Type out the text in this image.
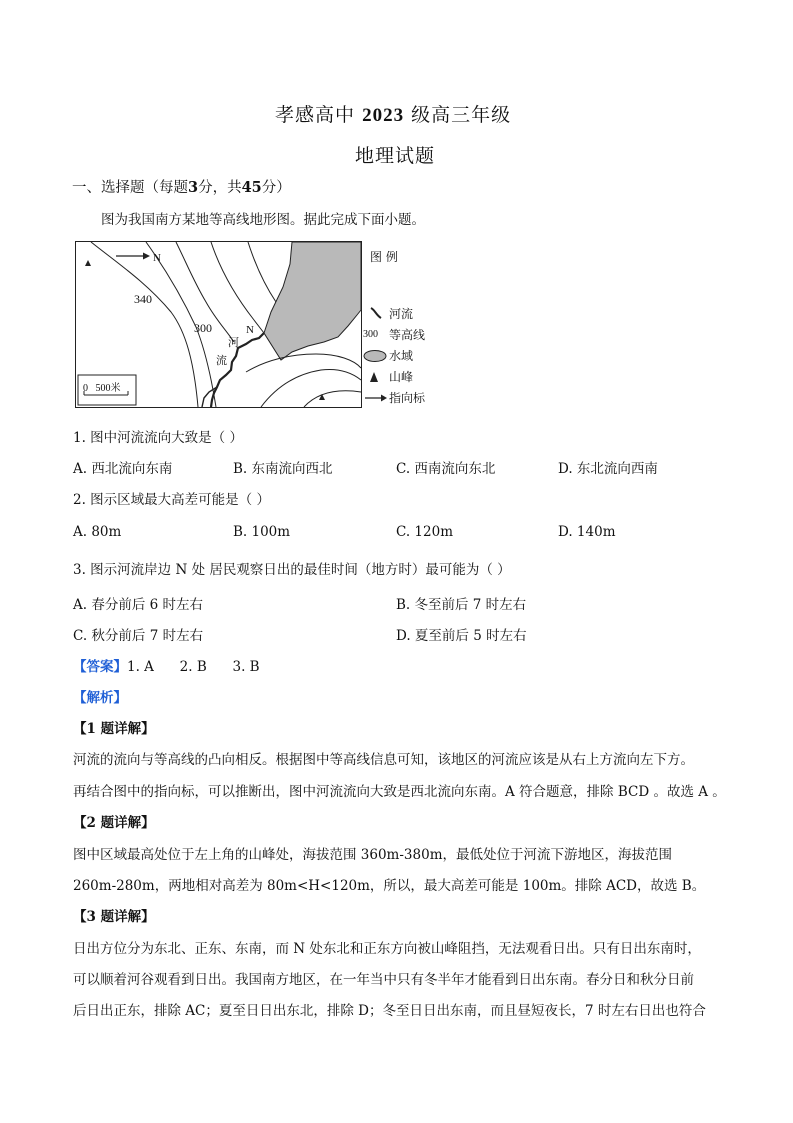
孝感高中 2023 级高三年级
地理试题
一、选择题（每题3分，共45分）
图为我国南方某地等高线地形图。据此完成下面小题。
N
340
300
河
流
N
0   500米
图 例
河流
300 等高线
水域
山峰
指向标
1. 图中河流流向大致是（ ）
A. 西北流向东南	B. 东南流向西北	C. 西南流向东北	D. 东北流向西南
2. 图示区域最大高差可能是（ ）
A. 80m	B. 100m	C. 120m	D. 140m
3. 图示河流岸边 N 处 居民观察日出的最佳时间（地方时）最可能为（ ）
A. 春分前后 6 时左右	B. 冬至前后 7 时左右
C. 秋分前后 7 时左右	D. 夏至前后 5 时左右
【答案】1. A      2. B      3. B
【解析】
【1 题详解】
河流的流向与等高线的凸向相反。根据图中等高线信息可知，该地区的河流应该是从右上方流向左下方。
再结合图中的指向标，可以推断出，图中河流流向大致是西北流向东南。A 符合题意，排除 BCD 。故选 A 。
【2 题详解】
图中区域最高处位于左上角的山峰处，海拔范围 360m-380m，最低处位于河流下游地区，海拔范围
260m-280m，两地相对高差为 80m<H<120m，所以，最大高差可能是 100m。排除 ACD，故选 B。
【3 题详解】
日出方位分为东北、正东、东南，而 N 处东北和正东方向被山峰阻挡，无法观看日出。只有日出东南时，
可以顺着河谷观看到日出。我国南方地区，在一年当中只有冬半年才能看到日出东南。春分日和秋分日前
后日出正东，排除 AC；夏至日日出东北，排除 D；冬至日日出东南，而且昼短夜长，7 时左右日出也符合
